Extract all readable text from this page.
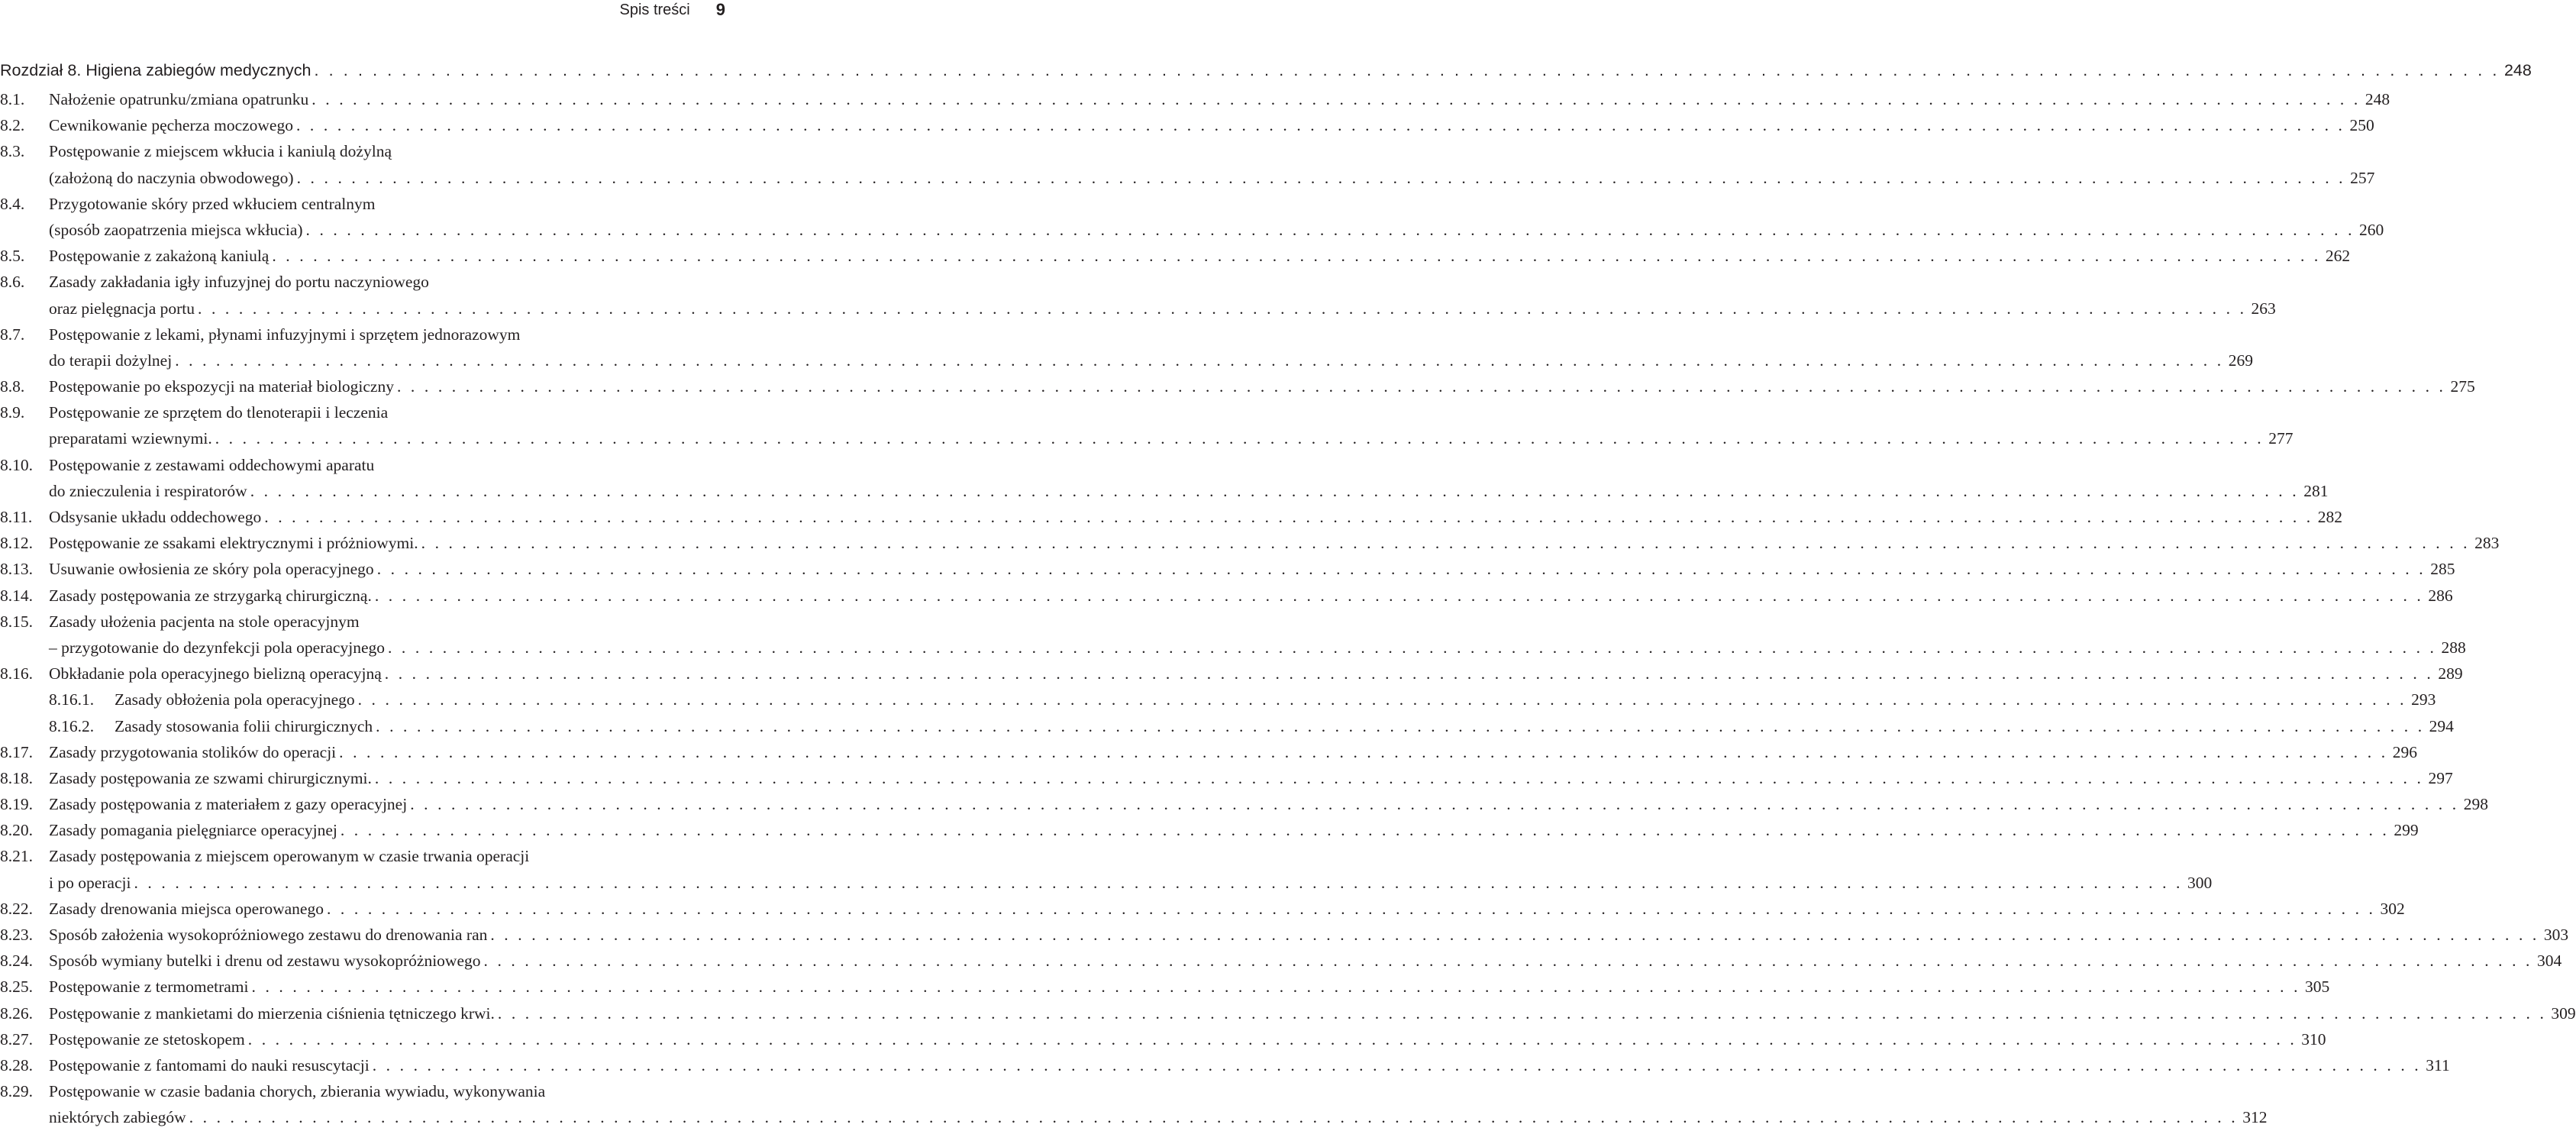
Spis treści 9
Rozdział 8. Higiena zabiegów medycznych . . . . . . . . . . . . . . . . . . . . . . . . . . . . . . . . . . . . . . . . . . . . . . . . . . . . . . . . . . . . . . . . . . . . . . . . . . . . . . . . . . . . . . . . . . . . . . . . . . . . . . . . . . . . . . . . . . . . . . . . . . . . . . . . . . . . . . . . . . . . . . . . . . . . . . 248
8.1.	Nałożenie opatrunku/zmiana opatrunku . . . . . . . . . . . . . . . . . . . . . . . . . . . . . . . . . . . . . . . . . . . . . . . . . . . . . . . . . . . . . . . . . . . . . . . . . . . . . . . . . . . . . . . . . . . . . . . . . . . . . . . . . . . . . . . . . . . . . . . . . . . . . . . . . . . . . . . . . . . . . . . . . . . . . . 248
8.2.	Cewnikowanie pęcherza moczowego . . . . . . . . . . . . . . . . . . . . . . . . . . . . . . . . . . . . . . . . . . . . . . . . . . . . . . . . . . . . . . . . . . . . . . . . . . . . . . . . . . . . . . . . . . . . . . . . . . . . . . . . . . . . . . . . . . . . . . . . . . . . . . . . . . . . . . . . . . . . . . . . . . . . . . 250
8.3.	Postępowanie z miejscem wkłucia i kaniulą dożylną
(założoną do naczynia obwodowego) . . . . . . . . . . . . . . . . . . . . . . . . . . . . . . . . . . . . . . . . . . . . . . . . . . . . . . . . . . . . . . . . . . . . . . . . . . . . . . . . . . . . . . . . . . . . . . . . . . . . . . . . . . . . . . . . . . . . . . . . . . . . . . . . . . . . . . . . . . . . . . . . . . . . . . 257
8.4.	Przygotowanie skóry przed wkłuciem centralnym
(sposób zaopatrzenia miejsca wkłucia) . . . . . . . . . . . . . . . . . . . . . . . . . . . . . . . . . . . . . . . . . . . . . . . . . . . . . . . . . . . . . . . . . . . . . . . . . . . . . . . . . . . . . . . . . . . . . . . . . . . . . . . . . . . . . . . . . . . . . . . . . . . . . . . . . . . . . . . . . . . . . . . . . . . . . . 260
8.5.	Postępowanie z zakażoną kaniulą . . . . . . . . . . . . . . . . . . . . . . . . . . . . . . . . . . . . . . . . . . . . . . . . . . . . . . . . . . . . . . . . . . . . . . . . . . . . . . . . . . . . . . . . . . . . . . . . . . . . . . . . . . . . . . . . . . . . . . . . . . . . . . . . . . . . . . . . . . . . . . . . . . . . . . 262
8.6.	Zasady zakładania igły infuzyjnej do portu naczyniowego
oraz pielęgnacja portu . . . . . . . . . . . . . . . . . . . . . . . . . . . . . . . . . . . . . . . . . . . . . . . . . . . . . . . . . . . . . . . . . . . . . . . . . . . . . . . . . . . . . . . . . . . . . . . . . . . . . . . . . . . . . . . . . . . . . . . . . . . . . . . . . . . . . . . . . . . . . . . . . . . . . . 263
8.7.	Postępowanie z lekami, płynami infuzyjnymi i sprzętem jednorazowym
do terapii dożylnej . . . . . . . . . . . . . . . . . . . . . . . . . . . . . . . . . . . . . . . . . . . . . . . . . . . . . . . . . . . . . . . . . . . . . . . . . . . . . . . . . . . . . . . . . . . . . . . . . . . . . . . . . . . . . . . . . . . . . . . . . . . . . . . . . . . . . . . . . . . . . . . . . . . . . . 269
8.8.	Postępowanie po ekspozycji na materiał biologiczny . . . . . . . . . . . . . . . . . . . . . . . . . . . . . . . . . . . . . . . . . . . . . . . . . . . . . . . . . . . . . . . . . . . . . . . . . . . . . . . . . . . . . . . . . . . . . . . . . . . . . . . . . . . . . . . . . . . . . . . . . . . . . . . . . . . . . . . . . . . . . . . . . . . . . . 275
8.9.	Postępowanie ze sprzętem do tlenoterapii i leczenia
preparatami wziewnymi. . . . . . . . . . . . . . . . . . . . . . . . . . . . . . . . . . . . . . . . . . . . . . . . . . . . . . . . . . . . . . . . . . . . . . . . . . . . . . . . . . . . . . . . . . . . . . . . . . . . . . . . . . . . . . . . . . . . . . . . . . . . . . . . . . . . . . . . . . . . . . . . . . . . . . . 277
8.10. Postępowanie z zestawami oddechowymi aparatu
do znieczulenia i respiratorów . . . . . . . . . . . . . . . . . . . . . . . . . . . . . . . . . . . . . . . . . . . . . . . . . . . . . . . . . . . . . . . . . . . . . . . . . . . . . . . . . . . . . . . . . . . . . . . . . . . . . . . . . . . . . . . . . . . . . . . . . . . . . . . . . . . . . . . . . . . . . . . . . . . . . . 281
8.11.	Odsysanie układu oddechowego . . . . . . . . . . . . . . . . . . . . . . . . . . . . . . . . . . . . . . . . . . . . . . . . . . . . . . . . . . . . . . . . . . . . . . . . . . . . . . . . . . . . . . . . . . . . . . . . . . . . . . . . . . . . . . . . . . . . . . . . . . . . . . . . . . . . . . . . . . . . . . . . . . . . . . 282
8.12. Postępowanie ze ssakami elektrycznymi i próżniowymi. . . . . . . . . . . . . . . . . . . . . . . . . . . . . . . . . . . . . . . . . . . . . . . . . . . . . . . . . . . . . . . . . . . . . . . . . . . . . . . . . . . . . . . . . . . . . . . . . . . . . . . . . . . . . . . . . . . . . . . . . . . . . . . . . . . . . . . . . . . . . . . . . . . . . . . 283
8.13. Usuwanie owłosienia ze skóry pola operacyjnego . . . . . . . . . . . . . . . . . . . . . . . . . . . . . . . . . . . . . . . . . . . . . . . . . . . . . . . . . . . . . . . . . . . . . . . . . . . . . . . . . . . . . . . . . . . . . . . . . . . . . . . . . . . . . . . . . . . . . . . . . . . . . . . . . . . . . . . . . . . . . . . . . . . . . . 285
8.14. Zasady postępowania ze strzygarką chirurgiczną. . . . . . . . . . . . . . . . . . . . . . . . . . . . . . . . . . . . . . . . . . . . . . . . . . . . . . . . . . . . . . . . . . . . . . . . . . . . . . . . . . . . . . . . . . . . . . . . . . . . . . . . . . . . . . . . . . . . . . . . . . . . . . . . . . . . . . . . . . . . . . . . . . . . . . . 286
8.15. Zasady ułożenia pacjenta na stole operacyjnym
– przygotowanie do dezynfekcji pola operacyjnego . . . . . . . . . . . . . . . . . . . . . . . . . . . . . . . . . . . . . . . . . . . . . . . . . . . . . . . . . . . . . . . . . . . . . . . . . . . . . . . . . . . . . . . . . . . . . . . . . . . . . . . . . . . . . . . . . . . . . . . . . . . . . . . . . . . . . . . . . . . . . . . . . . . . . . 288
8.16. Obkładanie pola operacyjnego bielizną operacyjną . . . . . . . . . . . . . . . . . . . . . . . . . . . . . . . . . . . . . . . . . . . . . . . . . . . . . . . . . . . . . . . . . . . . . . . . . . . . . . . . . . . . . . . . . . . . . . . . . . . . . . . . . . . . . . . . . . . . . . . . . . . . . . . . . . . . . . . . . . . . . . . . . . . . . . 289
8.16.1.	Zasady obłożenia pola operacyjnego . . . . . . . . . . . . . . . . . . . . . . . . . . . . . . . . . . . . . . . . . . . . . . . . . . . . . . . . . . . . . . . . . . . . . . . . . . . . . . . . . . . . . . . . . . . . . . . . . . . . . . . . . . . . . . . . . . . . . . . . . . . . . . . . . . . . . . . . . . . . . . . . . . . . . . 293
8.16.2.	Zasady stosowania folii chirurgicznych . . . . . . . . . . . . . . . . . . . . . . . . . . . . . . . . . . . . . . . . . . . . . . . . . . . . . . . . . . . . . . . . . . . . . . . . . . . . . . . . . . . . . . . . . . . . . . . . . . . . . . . . . . . . . . . . . . . . . . . . . . . . . . . . . . . . . . . . . . . . . . . . . . . . . . 294
8.17. Zasady przygotowania stolików do operacji . . . . . . . . . . . . . . . . . . . . . . . . . . . . . . . . . . . . . . . . . . . . . . . . . . . . . . . . . . . . . . . . . . . . . . . . . . . . . . . . . . . . . . . . . . . . . . . . . . . . . . . . . . . . . . . . . . . . . . . . . . . . . . . . . . . . . . . . . . . . . . . . . . . . . . 296
8.18. Zasady postępowania ze szwami chirurgicznymi. . . . . . . . . . . . . . . . . . . . . . . . . . . . . . . . . . . . . . . . . . . . . . . . . . . . . . . . . . . . . . . . . . . . . . . . . . . . . . . . . . . . . . . . . . . . . . . . . . . . . . . . . . . . . . . . . . . . . . . . . . . . . . . . . . . . . . . . . . . . . . . . . . . . . . . 297
8.19. Zasady postępowania z materiałem z gazy operacyjnej . . . . . . . . . . . . . . . . . . . . . . . . . . . . . . . . . . . . . . . . . . . . . . . . . . . . . . . . . . . . . . . . . . . . . . . . . . . . . . . . . . . . . . . . . . . . . . . . . . . . . . . . . . . . . . . . . . . . . . . . . . . . . . . . . . . . . . . . . . . . . . . . . . . . . . 298
8.20. Zasady pomagania pielęgniarce operacyjnej . . . . . . . . . . . . . . . . . . . . . . . . . . . . . . . . . . . . . . . . . . . . . . . . . . . . . . . . . . . . . . . . . . . . . . . . . . . . . . . . . . . . . . . . . . . . . . . . . . . . . . . . . . . . . . . . . . . . . . . . . . . . . . . . . . . . . . . . . . . . . . . . . . . . . . 299
8.21. Zasady postępowania z miejscem operowanym w czasie trwania operacji
i po operacji . . . . . . . . . . . . . . . . . . . . . . . . . . . . . . . . . . . . . . . . . . . . . . . . . . . . . . . . . . . . . . . . . . . . . . . . . . . . . . . . . . . . . . . . . . . . . . . . . . . . . . . . . . . . . . . . . . . . . . . . . . . . . . . . . . . . . . . . . . . . . . . . . . . . . . 300
8.22. Zasady drenowania miejsca operowanego . . . . . . . . . . . . . . . . . . . . . . . . . . . . . . . . . . . . . . . . . . . . . . . . . . . . . . . . . . . . . . . . . . . . . . . . . . . . . . . . . . . . . . . . . . . . . . . . . . . . . . . . . . . . . . . . . . . . . . . . . . . . . . . . . . . . . . . . . . . . . . . . . . . . . . 302
8.23. Sposób założenia wysokopróżniowego zestawu do drenowania ran . . . . . . . . . . . . . . . . . . . . . . . . . . . . . . . . . . . . . . . . . . . . . . . . . . . . . . . . . . . . . . . . . . . . . . . . . . . . . . . . . . . . . . . . . . . . . . . . . . . . . . . . . . . . . . . . . . . . . . . . . . . . . . . . . . . . . . . . . . . . . . . . . . . . . . 303
8.24. Sposób wymiany butelki i drenu od zestawu wysokopróżniowego . . . . . . . . . . . . . . . . . . . . . . . . . . . . . . . . . . . . . . . . . . . . . . . . . . . . . . . . . . . . . . . . . . . . . . . . . . . . . . . . . . . . . . . . . . . . . . . . . . . . . . . . . . . . . . . . . . . . . . . . . . . . . . . . . . . . . . . . . . . . . . . . . . . . . . 304
8.25. Postępowanie z termometrami . . . . . . . . . . . . . . . . . . . . . . . . . . . . . . . . . . . . . . . . . . . . . . . . . . . . . . . . . . . . . . . . . . . . . . . . . . . . . . . . . . . . . . . . . . . . . . . . . . . . . . . . . . . . . . . . . . . . . . . . . . . . . . . . . . . . . . . . . . . . . . . . . . . . . . 305
8.26. Postępowanie z mankietami do mierzenia ciśnienia tętniczego krwi. . . . . . . . . . . . . . . . . . . . . . . . . . . . . . . . . . . . . . . . . . . . . . . . . . . . . . . . . . . . . . . . . . . . . . . . . . . . . . . . . . . . . . . . . . . . . . . . . . . . . . . . . . . . . . . . . . . . . . . . . . . . . . . . . . . . . . . . . . . . . . . . . . . . . . . 309
8.27. Postępowanie ze stetoskopem . . . . . . . . . . . . . . . . . . . . . . . . . . . . . . . . . . . . . . . . . . . . . . . . . . . . . . . . . . . . . . . . . . . . . . . . . . . . . . . . . . . . . . . . . . . . . . . . . . . . . . . . . . . . . . . . . . . . . . . . . . . . . . . . . . . . . . . . . . . . . . . . . . . . . . 310
8.28. Postępowanie z fantomami do nauki resuscytacji . . . . . . . . . . . . . . . . . . . . . . . . . . . . . . . . . . . . . . . . . . . . . . . . . . . . . . . . . . . . . . . . . . . . . . . . . . . . . . . . . . . . . . . . . . . . . . . . . . . . . . . . . . . . . . . . . . . . . . . . . . . . . . . . . . . . . . . . . . . . . . . . . . . . . . 311
8.29. Postępowanie w czasie badania chorych, zbierania wywiadu, wykonywania
niektórych zabiegów . . . . . . . . . . . . . . . . . . . . . . . . . . . . . . . . . . . . . . . . . . . . . . . . . . . . . . . . . . . . . . . . . . . . . . . . . . . . . . . . . . . . . . . . . . . . . . . . . . . . . . . . . . . . . . . . . . . . . . . . . . . . . . . . . . . . . . . . . . . . . . . . . . . . . . 312
